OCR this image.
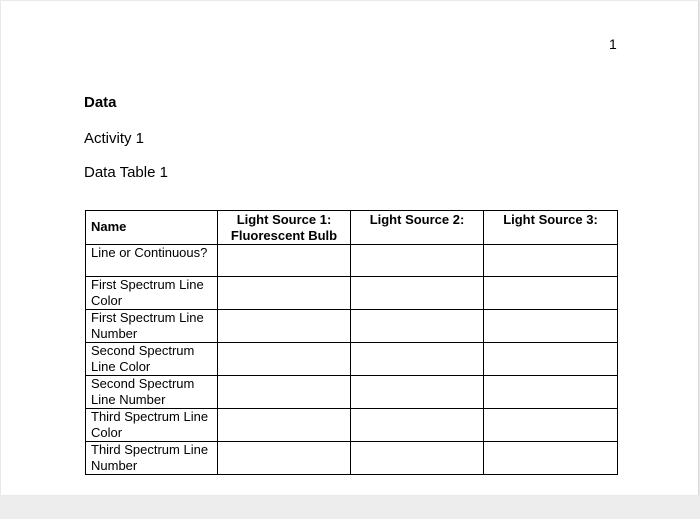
1
Data
Activity 1
Data Table 1
Name	Light Source 1: Fluorescent Bulb	Light Source 2:	Light Source 3:
Line or Continuous?			
First Spectrum Line Color			
First Spectrum Line Number			
Second Spectrum Line Color			
Second Spectrum Line Number			
Third Spectrum Line Color			
Third Spectrum Line Number			
